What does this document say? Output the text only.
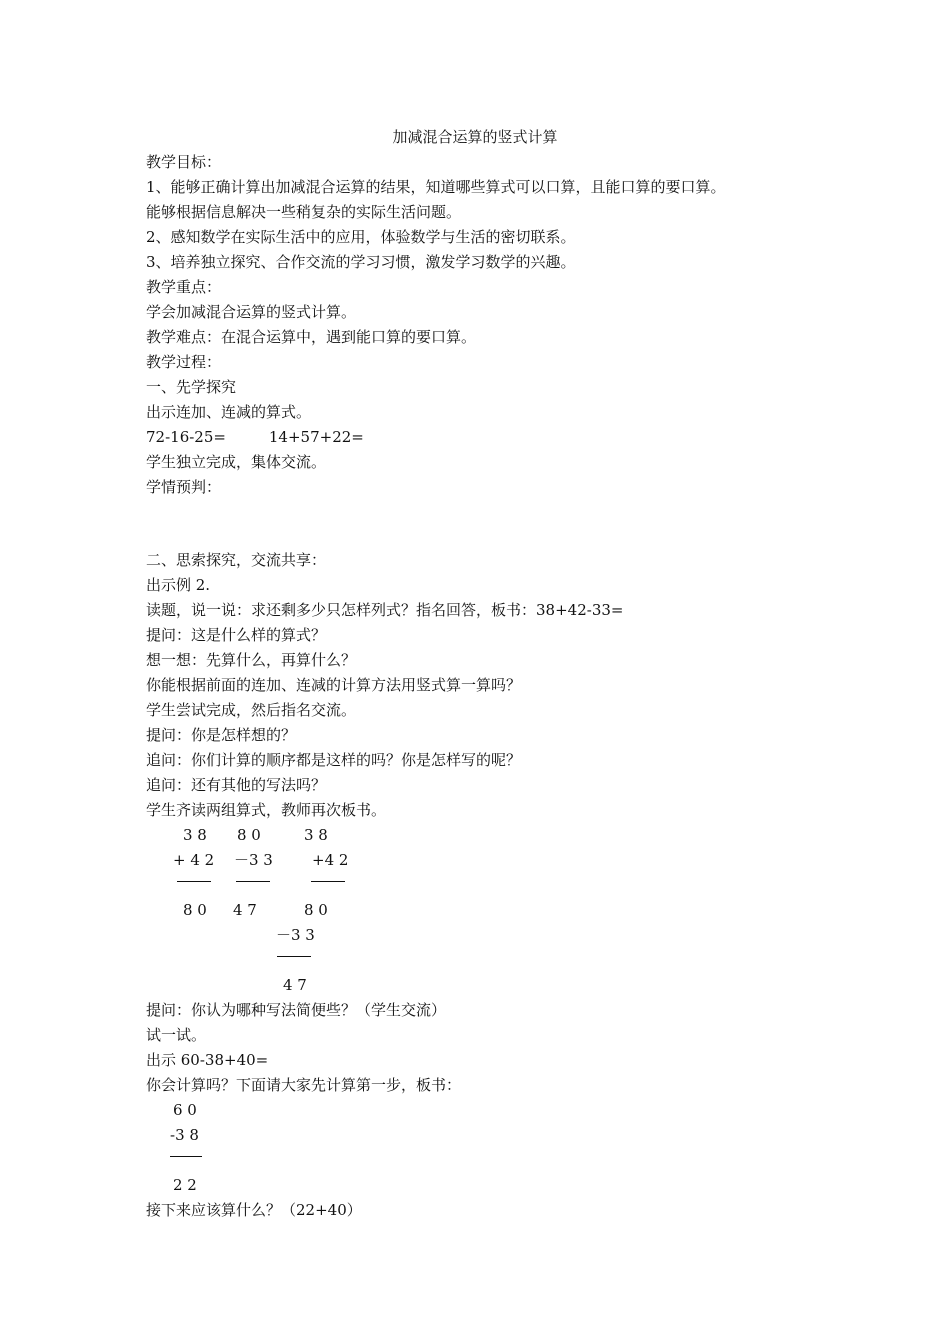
加减混合运算的竖式计算
教学目标：
1、能够正确计算出加减混合运算的结果，知道哪些算式可以口算，且能口算的要口算。
能够根据信息解决一些稍复杂的实际生活问题。
2、感知数学在实际生活中的应用，体验数学与生活的密切联系。
3、培养独立探究、合作交流的学习习惯，激发学习数学的兴趣。
教学重点：
学会加减混合运算的竖式计算。
教学难点：在混合运算中，遇到能口算的要口算。
教学过程：
一、先学探究
出示连加、连减的算式。
72-16-25=         14+57+22=
学生独立完成，集体交流。
学情预判：
二、思索探究，交流共享：
出示例 2.
读题，说一说：求还剩多少只怎样列式？指名回答，板书：38+42-33=
提问：这是什么样的算式？
想一想：先算什么，再算什么？
你能根据前面的连加、连减的计算方法用竖式算一算吗？
学生尝试完成，然后指名交流。
提问：你是怎样想的？
追问：你们计算的顺序都是这样的吗？你是怎样写的呢？
追问：还有其他的写法吗？
学生齐读两组算式，教师再次板书。
3 8
+ 4 2
8 0
8 0
－3 3
4 7
3 8
+4 2
8 0
－3 3
4 7
提问：你认为哪种写法简便些？（学生交流）
试一试。
出示 60-38+40=
你会计算吗？下面请大家先计算第一步，板书：
6 0
-3 8
2 2
接下来应该算什么？（22+40）
